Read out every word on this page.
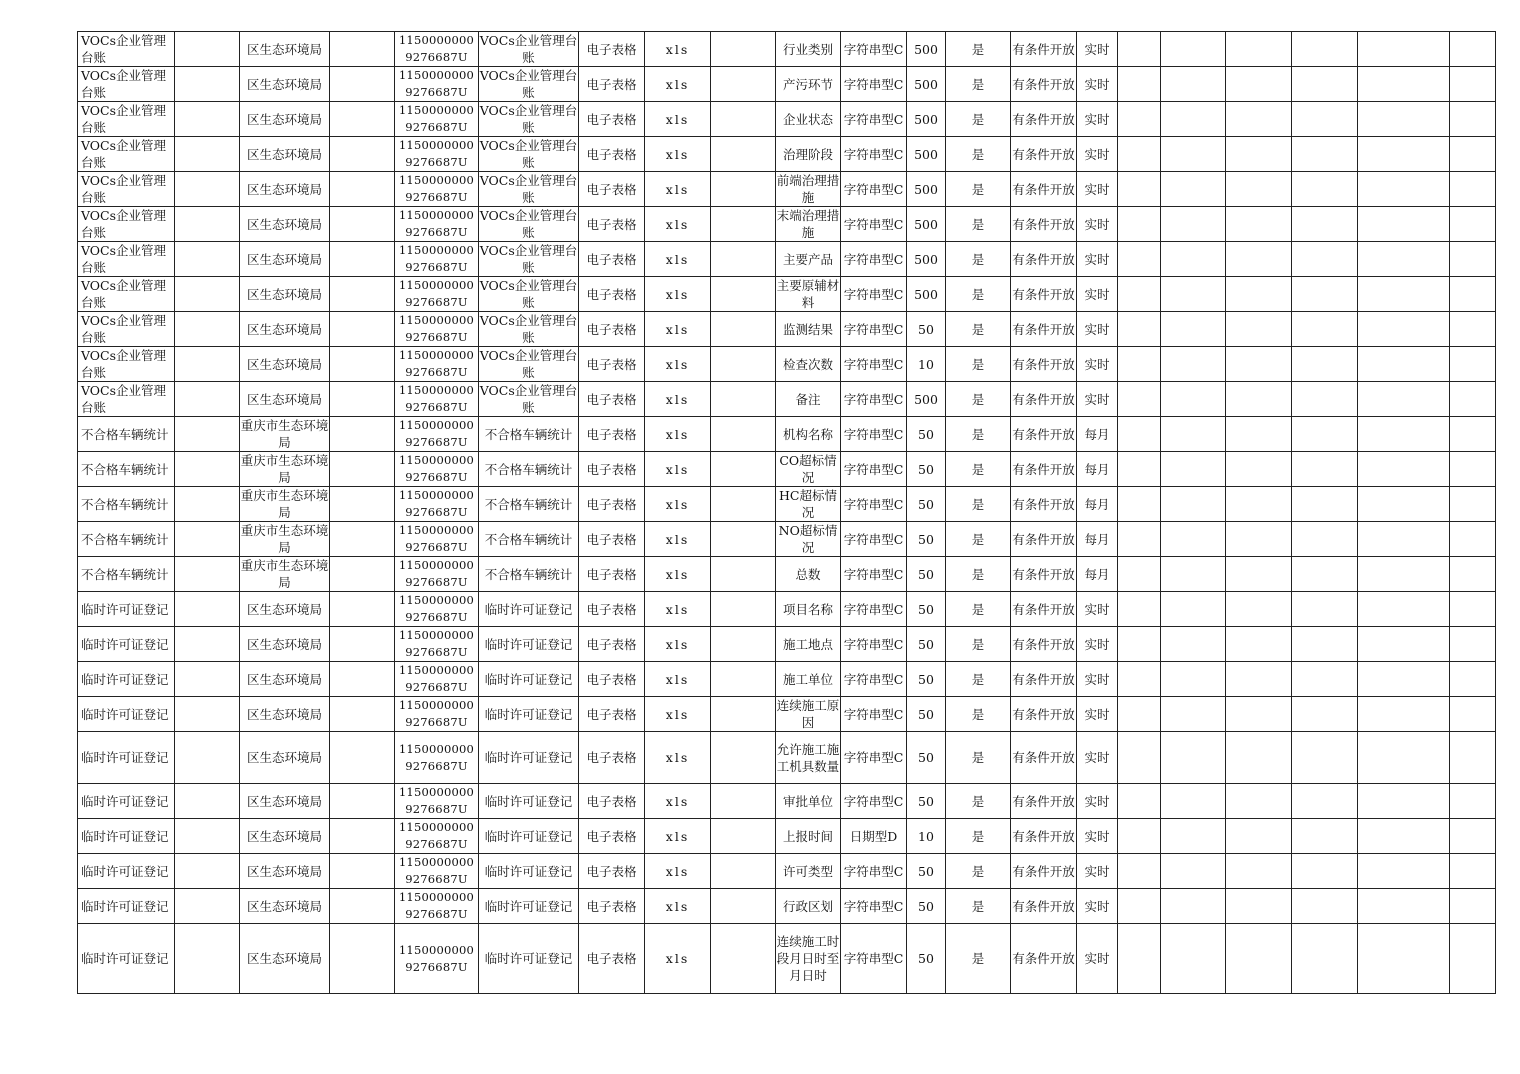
VOCs企业管理台账		区生态环境局		1150000000 9276687U	VOCs企业管理台账	电子表格	xls		行业类别	字符串型C	500	是	有条件开放	实时						
VOCs企业管理台账		区生态环境局		1150000000 9276687U	VOCs企业管理台账	电子表格	xls		产污环节	字符串型C	500	是	有条件开放	实时						
VOCs企业管理台账		区生态环境局		1150000000 9276687U	VOCs企业管理台账	电子表格	xls		企业状态	字符串型C	500	是	有条件开放	实时						
VOCs企业管理台账		区生态环境局		1150000000 9276687U	VOCs企业管理台账	电子表格	xls		治理阶段	字符串型C	500	是	有条件开放	实时						
VOCs企业管理台账		区生态环境局		1150000000 9276687U	VOCs企业管理台账	电子表格	xls		前端治理措施	字符串型C	500	是	有条件开放	实时						
VOCs企业管理台账		区生态环境局		1150000000 9276687U	VOCs企业管理台账	电子表格	xls		末端治理措施	字符串型C	500	是	有条件开放	实时						
VOCs企业管理台账		区生态环境局		1150000000 9276687U	VOCs企业管理台账	电子表格	xls		主要产品	字符串型C	500	是	有条件开放	实时						
VOCs企业管理台账		区生态环境局		1150000000 9276687U	VOCs企业管理台账	电子表格	xls		主要原辅材料	字符串型C	500	是	有条件开放	实时						
VOCs企业管理台账		区生态环境局		1150000000 9276687U	VOCs企业管理台账	电子表格	xls		监测结果	字符串型C	50	是	有条件开放	实时						
VOCs企业管理台账		区生态环境局		1150000000 9276687U	VOCs企业管理台账	电子表格	xls		检查次数	字符串型C	10	是	有条件开放	实时						
VOCs企业管理台账		区生态环境局		1150000000 9276687U	VOCs企业管理台账	电子表格	xls		备注	字符串型C	500	是	有条件开放	实时						
不合格车辆统计		重庆市生态环境局		1150000000 9276687U	不合格车辆统计	电子表格	xls		机构名称	字符串型C	50	是	有条件开放	每月						
不合格车辆统计		重庆市生态环境局		1150000000 9276687U	不合格车辆统计	电子表格	xls		CO超标情况	字符串型C	50	是	有条件开放	每月						
不合格车辆统计		重庆市生态环境局		1150000000 9276687U	不合格车辆统计	电子表格	xls		HC超标情况	字符串型C	50	是	有条件开放	每月						
不合格车辆统计		重庆市生态环境局		1150000000 9276687U	不合格车辆统计	电子表格	xls		NO超标情况	字符串型C	50	是	有条件开放	每月						
不合格车辆统计		重庆市生态环境局		1150000000 9276687U	不合格车辆统计	电子表格	xls		总数	字符串型C	50	是	有条件开放	每月						
临时许可证登记		区生态环境局		1150000000 9276687U	临时许可证登记	电子表格	xls		项目名称	字符串型C	50	是	有条件开放	实时						
临时许可证登记		区生态环境局		1150000000 9276687U	临时许可证登记	电子表格	xls		施工地点	字符串型C	50	是	有条件开放	实时						
临时许可证登记		区生态环境局		1150000000 9276687U	临时许可证登记	电子表格	xls		施工单位	字符串型C	50	是	有条件开放	实时						
临时许可证登记		区生态环境局		1150000000 9276687U	临时许可证登记	电子表格	xls		连续施工原因	字符串型C	50	是	有条件开放	实时						
临时许可证登记		区生态环境局		1150000000 9276687U	临时许可证登记	电子表格	xls		允许施工施工机具数量	字符串型C	50	是	有条件开放	实时						
临时许可证登记		区生态环境局		1150000000 9276687U	临时许可证登记	电子表格	xls		审批单位	字符串型C	50	是	有条件开放	实时						
临时许可证登记		区生态环境局		1150000000 9276687U	临时许可证登记	电子表格	xls		上报时间	日期型D	10	是	有条件开放	实时						
临时许可证登记		区生态环境局		1150000000 9276687U	临时许可证登记	电子表格	xls		许可类型	字符串型C	50	是	有条件开放	实时						
临时许可证登记		区生态环境局		1150000000 9276687U	临时许可证登记	电子表格	xls		行政区划	字符串型C	50	是	有条件开放	实时						
临时许可证登记		区生态环境局		1150000000 9276687U	临时许可证登记	电子表格	xls		连续施工时段月日时至月日时	字符串型C	50	是	有条件开放	实时						
